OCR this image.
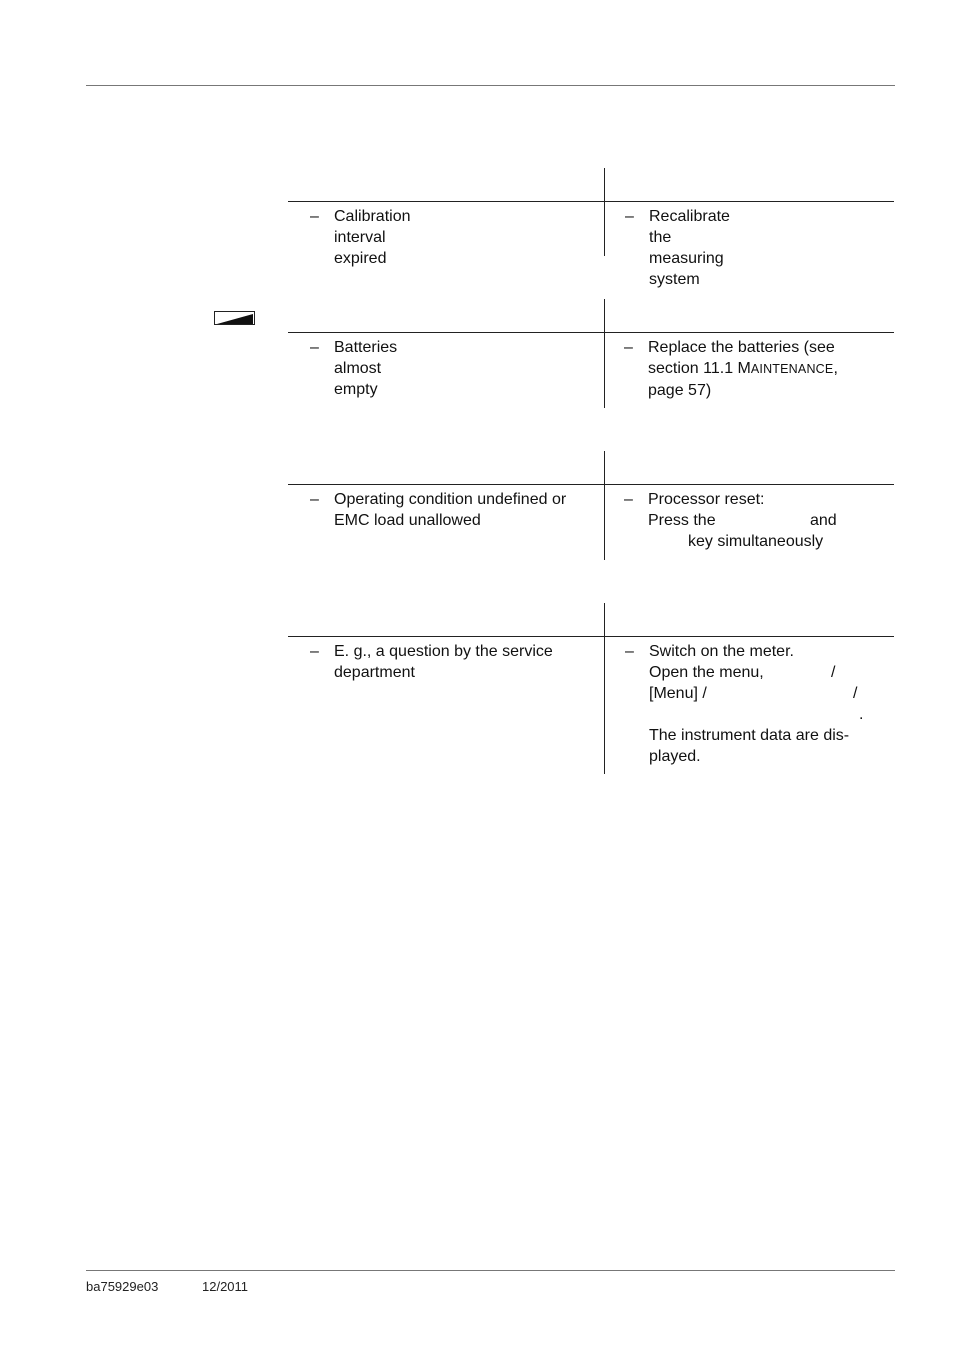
– Calibration interval expired
– Recalibrate the measuring
system
– Batteries almost empty
– Replace the batteries (see
section 11.1 MAINTENANCE,
page 57)
– Operating condition undefined or
EMC load unallowed
– Processor reset:
Press the	and
key simultaneously
– E. g., a question by the service
department
– Switch on the meter.
Open the menu,	/
[Menu] /	/
.
The instrument data are dis-
played.
ba75929e03	12/2011
